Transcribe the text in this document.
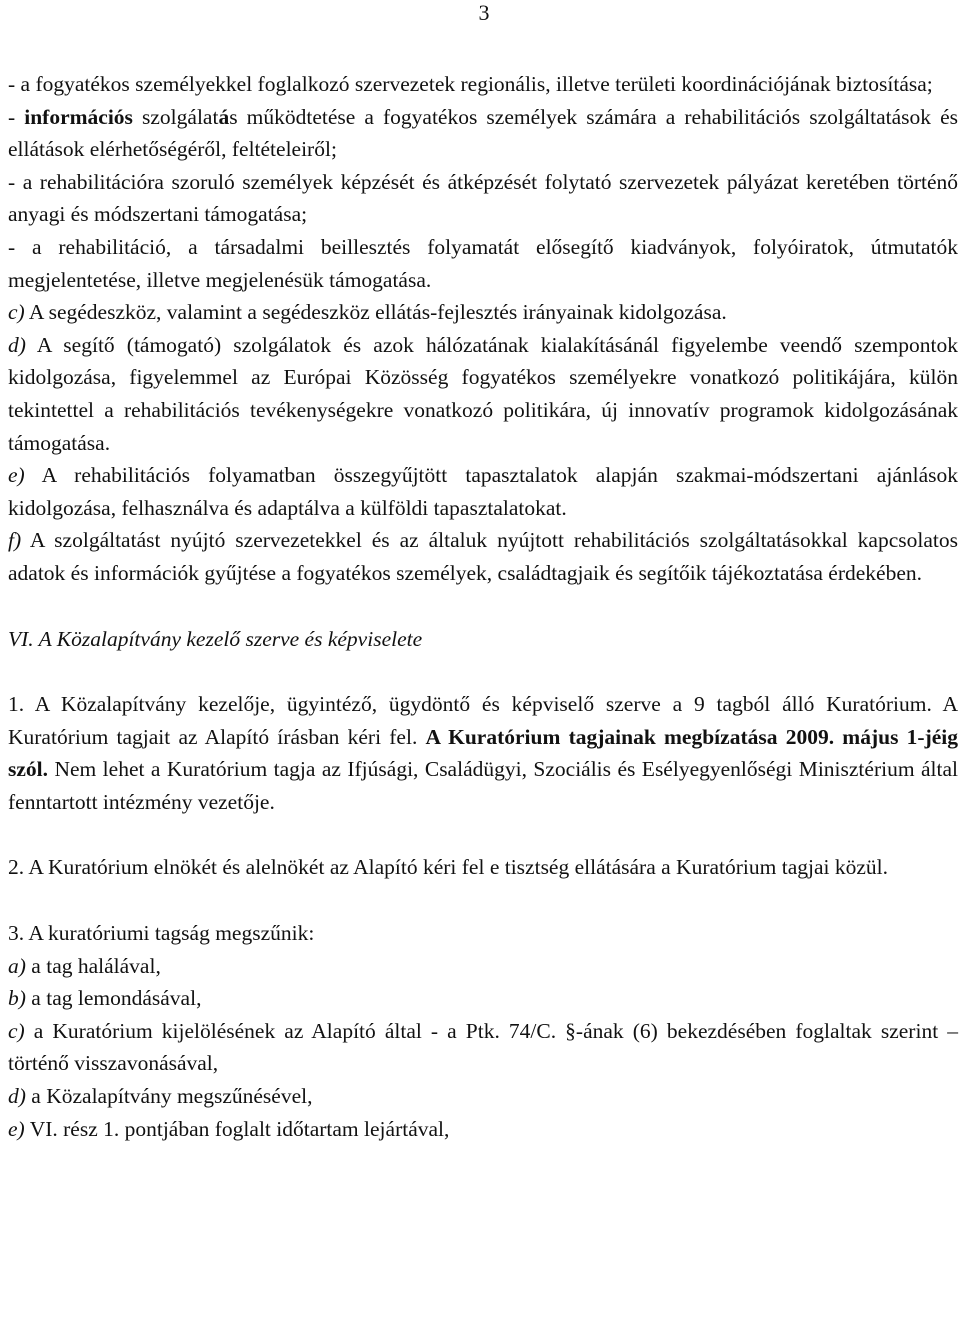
3

- a fogyatékos személyekkel foglalkozó szervezetek regionális, illetve területi koordinációjának biztosítása;

- információs szolgálatás működtetése a fogyatékos személyek számára a rehabilitációs szolgáltatások és ellátások elérhetőségéről, feltételeiről;

- a rehabilitációra szoruló személyek képzését és átképzését folytató szervezetek pályázat keretében történő anyagi és módszertani támogatása;

- a rehabilitáció, a társadalmi beillesztés folyamatát elősegítő kiadványok, folyóiratok, útmutatók megjelentetése, illetve megjelenésük támogatása.

c) A segédeszköz, valamint a segédeszköz ellátás-fejlesztés irányainak kidolgozása.

d) A segítő (támogató) szolgálatok és azok hálózatának kialakításánál figyelembe veendő szempontok kidolgozása, figyelemmel az Európai Közösség fogyatékos személyekre vonatkozó politikájára, külön tekintettel a rehabilitációs tevékenységekre vonatkozó politikára, új innovatív programok kidolgozásának támogatása.

e) A rehabilitációs folyamatban összegyűjtött tapasztalatok alapján szakmai-módszertani ajánlások kidolgozása, felhasználva és adaptálva a külföldi tapasztalatokat.

f) A szolgáltatást nyújtó szervezetekkel és az általuk nyújtott rehabilitációs szolgáltatásokkal kapcsolatos adatok és információk gyűjtése a fogyatékos személyek, családtagjaik és segítőik tájékoztatása érdekében.

VI. A Közalapítvány kezelő szerve és képviselete

1. A Közalapítvány kezelője, ügyintéző, ügydöntő és képviselő szerve a 9 tagból álló Kuratórium. A Kuratórium tagjait az Alapító írásban kéri fel. A Kuratórium tagjainak megbízatása 2009. május 1-jéig szól. Nem lehet a Kuratórium tagja az Ifjúsági, Családügyi, Szociális és Esélyegyenlőségi Minisztérium által fenntartott intézmény vezetője.

2. A Kuratórium elnökét és alelnökét az Alapító kéri fel e tisztség ellátására a Kuratórium tagjai közül.

3. A kuratóriumi tagság megszűnik:

a) a tag halálával,

b) a tag lemondásával,

c) a Kuratórium kijelölésének az Alapító által - a Ptk. 74/C. §-ának (6) bekezdésében foglaltak szerint – történő visszavonásával,

d) a Közalapítvány megszűnésével,

e) VI. rész 1. pontjában foglalt időtartam lejártával,
